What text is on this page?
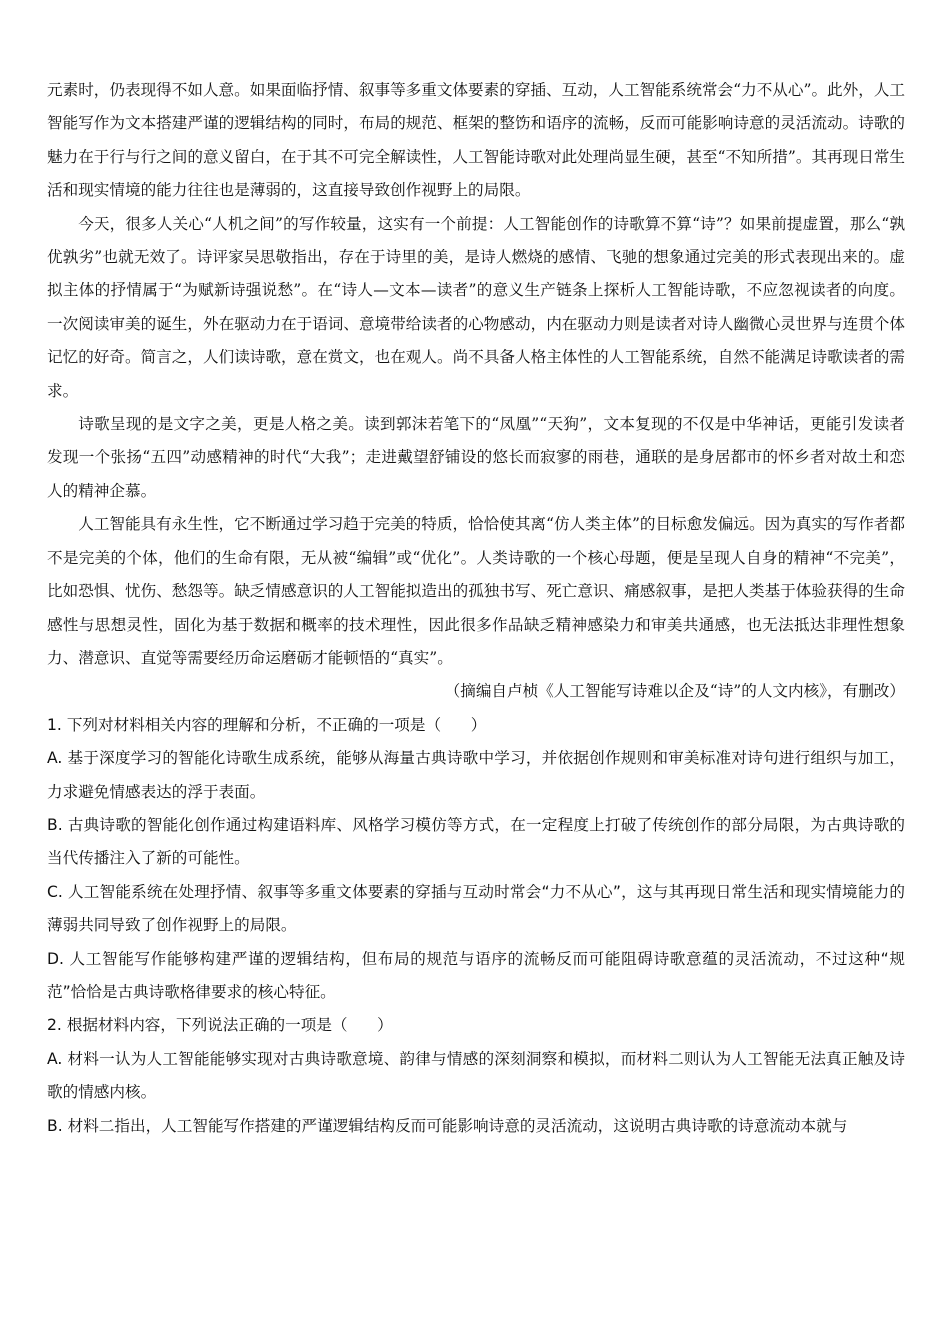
元素时，仍表现得不如人意。如果面临抒情、叙事等多重文体要素的穿插、互动，人工智能系统常会“力不从心”。此外，人工智能写作为文本搭建严谨的逻辑结构的同时，布局的规范、框架的整饬和语序的流畅，反而可能影响诗意的灵活流动。诗歌的魅力在于行与行之间的意义留白，在于其不可完全解读性，人工智能诗歌对此处理尚显生硬，甚至“不知所措”。其再现日常生活和现实情境的能力往往也是薄弱的，这直接导致创作视野上的局限。

今天，很多人关心“人机之间”的写作较量，这实有一个前提：人工智能创作的诗歌算不算“诗”？如果前提虚置，那么“孰优孰劣”也就无效了。诗评家吴思敬指出，存在于诗里的美，是诗人燃烧的感情、飞驰的想象通过完美的形式表现出来的。虚拟主体的抒情属于“为赋新诗强说愁”。在“诗人—文本—读者”的意义生产链条上探析人工智能诗歌，不应忽视读者的向度。一次阅读审美的诞生，外在驱动力在于语词、意境带给读者的心物感动，内在驱动力则是读者对诗人幽微心灵世界与连贯个体记忆的好奇。简言之，人们读诗歌，意在赏文，也在观人。尚不具备人格主体性的人工智能系统，自然不能满足诗歌读者的需求。

诗歌呈现的是文字之美，更是人格之美。读到郭沫若笔下的“凤凰”“天狗”，文本复现的不仅是中华神话，更能引发读者发现一个张扬“五四”动感精神的时代“大我”；走进戴望舒铺设的悠长而寂寥的雨巷，通联的是身居都市的怀乡者对故土和恋人的精神企慕。

人工智能具有永生性，它不断通过学习趋于完美的特质，恰恰使其离“仿人类主体”的目标愈发偏远。因为真实的写作者都不是完美的个体，他们的生命有限，无从被“编辑”或“优化”。人类诗歌的一个核心母题，便是呈现人自身的精神“不完美”，比如恐惧、忧伤、愁怨等。缺乏情感意识的人工智能拟造出的孤独书写、死亡意识、痛感叙事，是把人类基于体验获得的生命感性与思想灵性，固化为基于数据和概率的技术理性，因此很多作品缺乏精神感染力和审美共通感，也无法抵达非理性想象力、潜意识、直觉等需要经历命运磨砺才能顿悟的“真实”。

（摘编自卢桢《人工智能写诗难以企及“诗”的人文内核》，有删改）

1. 下列对材料相关内容的理解和分析，不正确的一项是（ ）

A. 基于深度学习的智能化诗歌生成系统，能够从海量古典诗歌中学习，并依据创作规则和审美标准对诗句进行组织与加工，力求避免情感表达的浮于表面。

B. 古典诗歌的智能化创作通过构建语料库、风格学习模仿等方式，在一定程度上打破了传统创作的部分局限，为古典诗歌的当代传播注入了新的可能性。

C. 人工智能系统在处理抒情、叙事等多重文体要素的穿插与互动时常会“力不从心”，这与其再现日常生活和现实情境能力的薄弱共同导致了创作视野上的局限。

D. 人工智能写作能够构建严谨的逻辑结构，但布局的规范与语序的流畅反而可能阻碍诗歌意蕴的灵活流动，不过这种“规范”恰恰是古典诗歌格律要求的核心特征。

2. 根据材料内容，下列说法正确的一项是（ ）

A. 材料一认为人工智能能够实现对古典诗歌意境、韵律与情感的深刻洞察和模拟，而材料二则认为人工智能无法真正触及诗歌的情感内核。

B. 材料二指出，人工智能写作搭建的严谨逻辑结构反而可能影响诗意的灵活流动，这说明古典诗歌的诗意流动本就与
